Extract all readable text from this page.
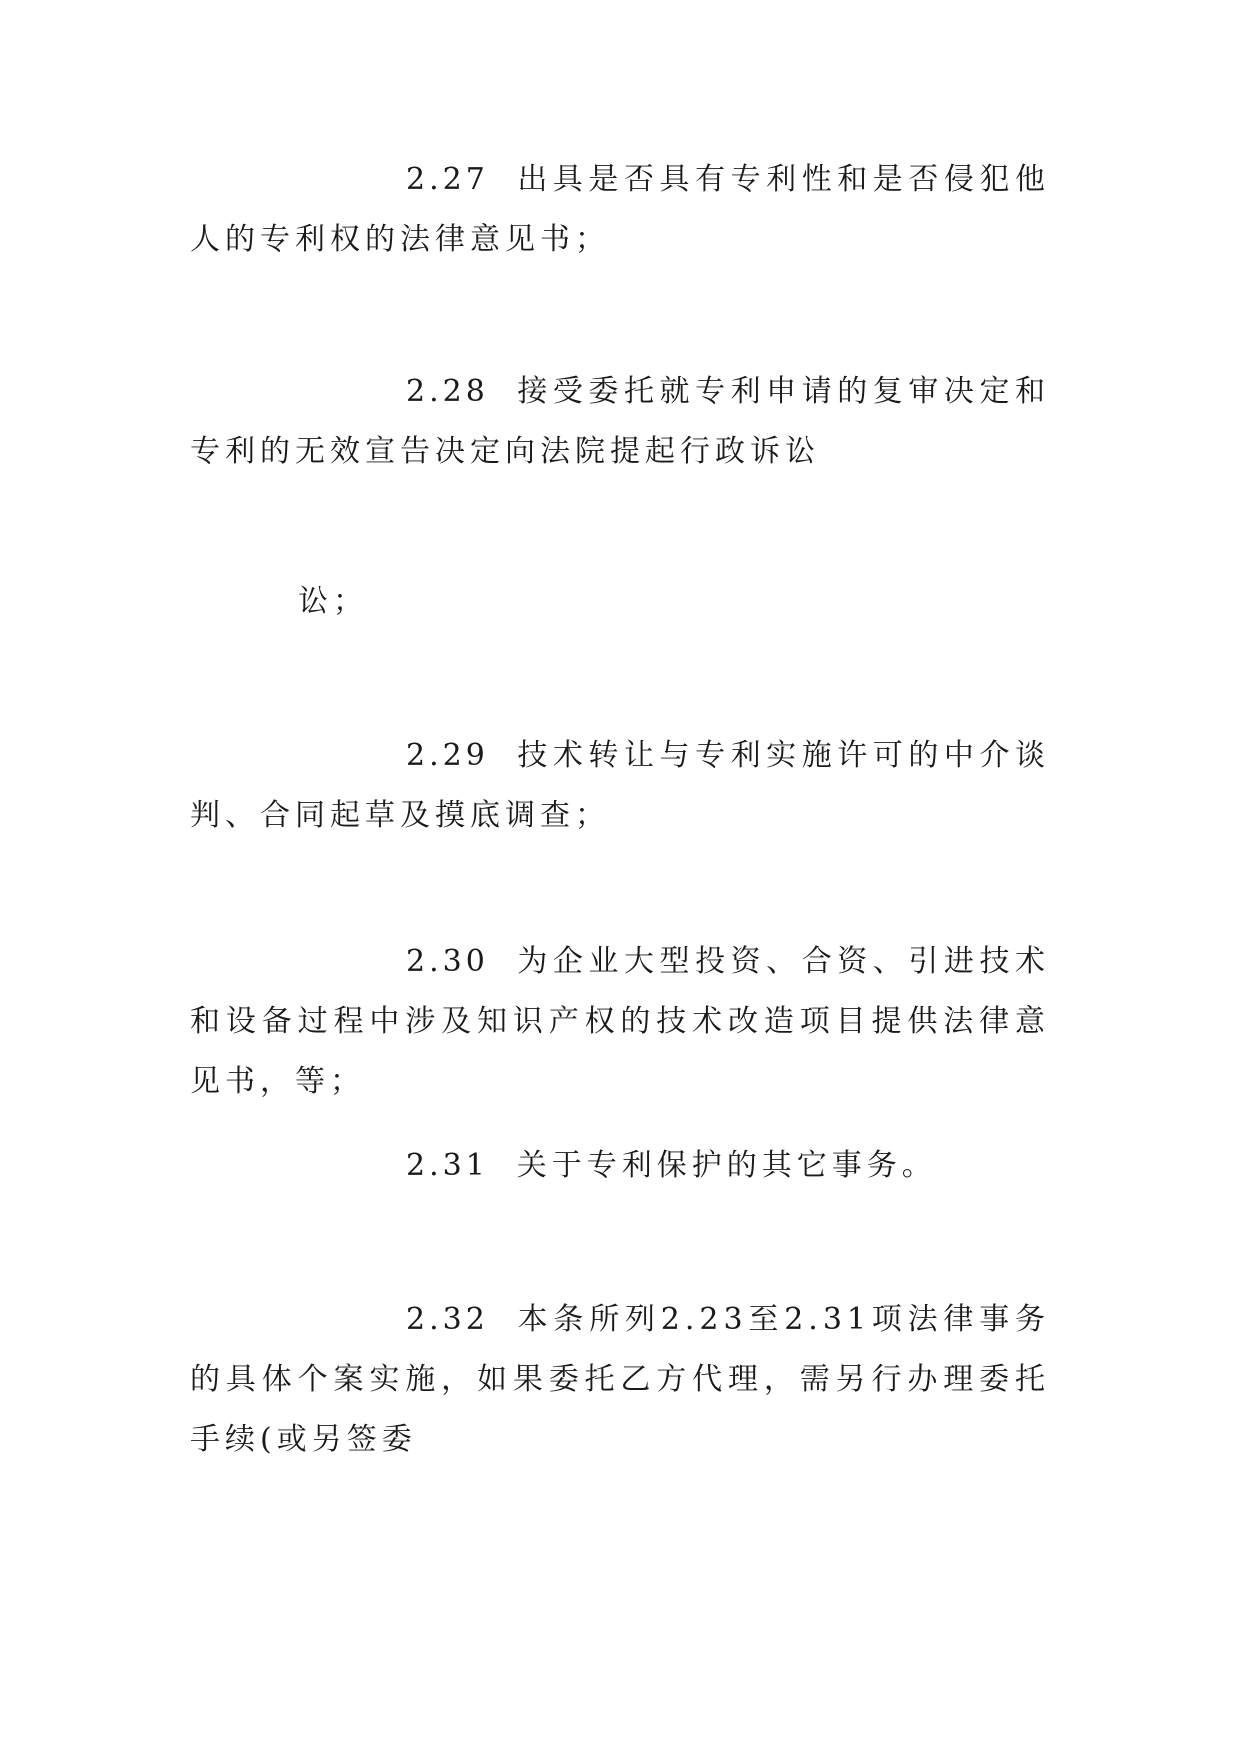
2.27 出具是否具有专利性和是否侵犯他人的专利权的法律意见书；

2.28 接受委托就专利申请的复审决定和专利的无效宣告决定向法院提起行政诉讼

讼；

2.29 技术转让与专利实施许可的中介谈判、合同起草及摸底调查；

2.30 为企业大型投资、合资、引进技术和设备过程中涉及知识产权的技术改造项目提供法律意见书，等；

2.31 关于专利保护的其它事务。

2.32 本条所列2.23至2.31项法律事务的具体个案实施，如果委托乙方代理，需另行办理委托手续(或另签委
